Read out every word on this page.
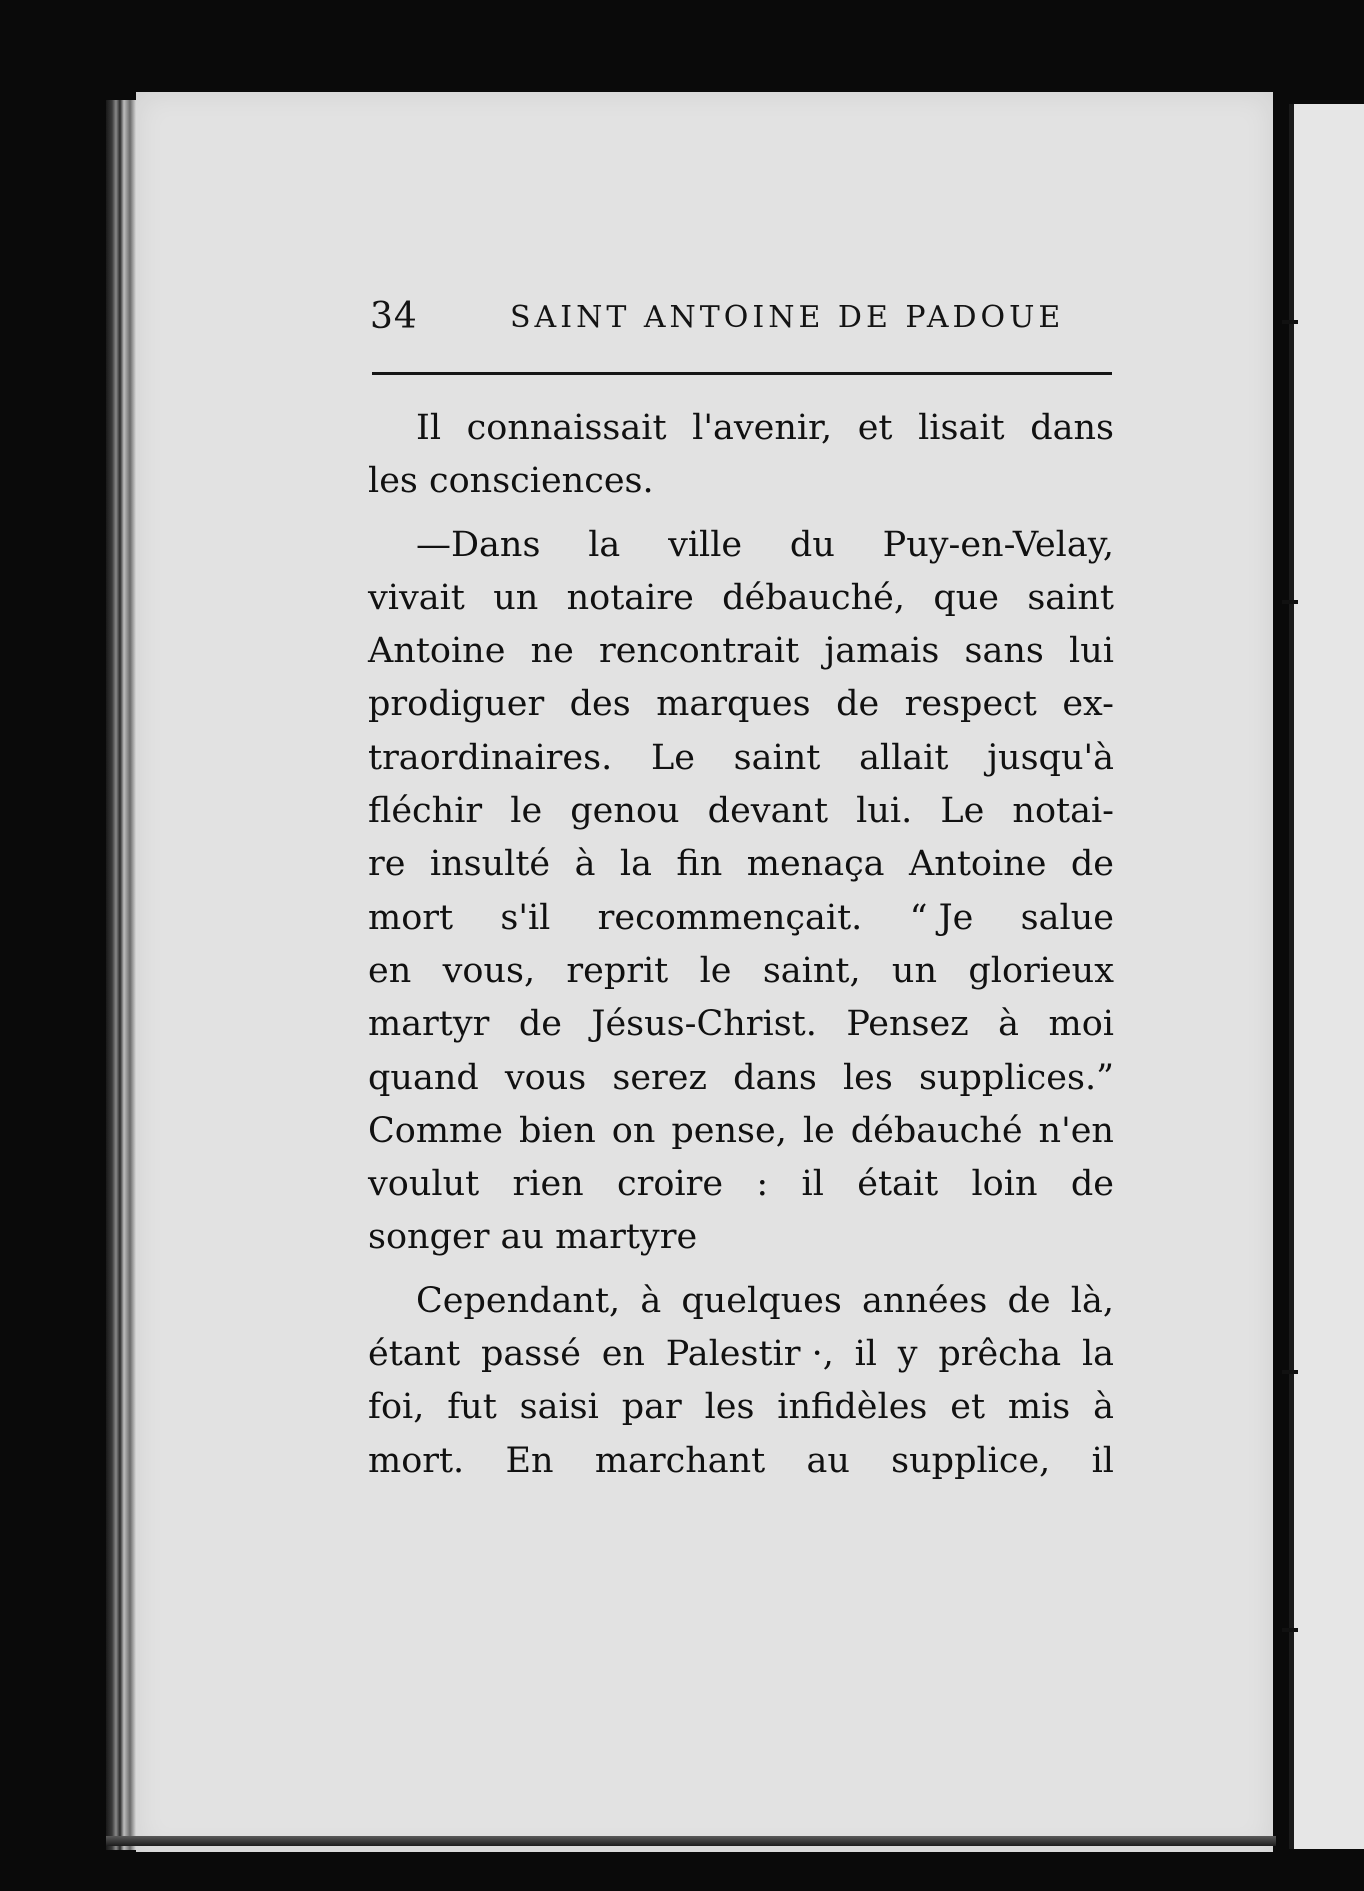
34	SAINT ANTOINE DE PADOUE
Il connaissait l'avenir, et lisait dans
les consciences.
—Dans la ville du Puy-en-Velay,
vivait un notaire débauché, que saint
Antoine ne rencontrait jamais sans lui
prodiguer des marques de respect ex-
traordinaires. Le saint allait jusqu'à
fléchir le genou devant lui. Le notai-
re insulté à la fin menaça Antoine de
mort s'il recommençait. “ Je salue
en vous, reprit le saint, un glorieux
martyr de Jésus-Christ. Pensez à moi
quand vous serez dans les supplices.”
Comme bien on pense, le débauché n'en
voulut rien croire : il était loin de
songer au martyre
Cependant, à quelques années de là,
étant passé en Palestir ·, il y prêcha la
foi, fut saisi par les infidèles et mis à
mort. En marchant au supplice, il
